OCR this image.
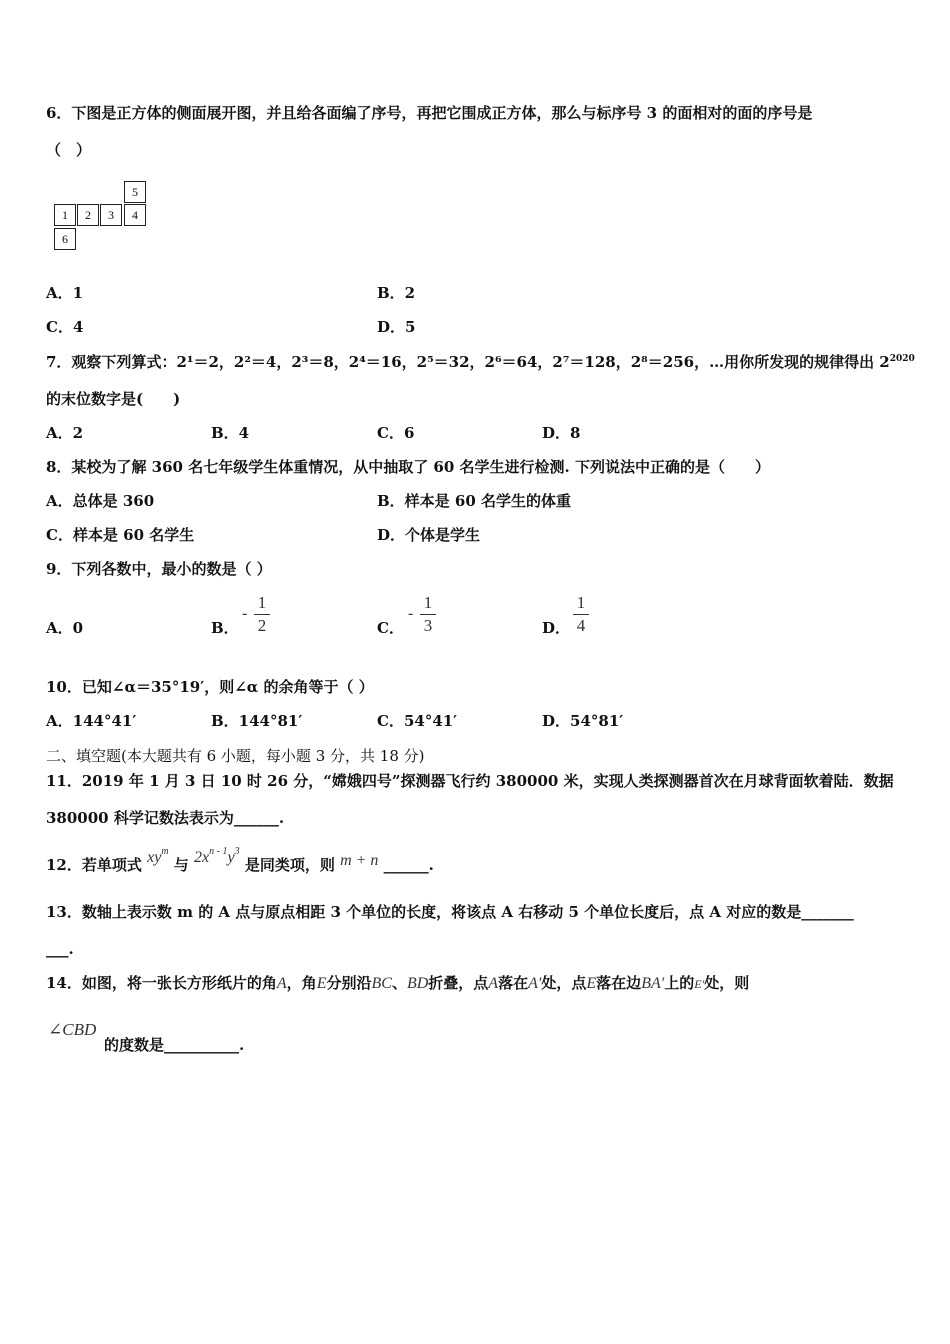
6．下图是正方体的侧面展开图，并且给各面编了序号，再把它围成正方体，那么与标序号 3 的面相对的面的序号是
（　）
1	2	3	4
5
6
A．1	B．2
C．4	D．5
7．观察下列算式：2¹＝2，2²＝4，2³＝8，2⁴＝16，2⁵＝32，2⁶＝64，2⁷＝128，2⁸＝256，…用你所发现的规律得出 $2^{2020}$
的末位数字是(　　)
A．2	B．4	C．6	D．8
8．某校为了解 360 名七年级学生体重情况，从中抽取了 60 名学生进行检测. 下列说法中正确的是（　　）
A．总体是 360	B．样本是 60 名学生的体重
C．样本是 60 名学生	D．个体是学生
9．下列各数中，最小的数是（ ）
A．0	B．
-
1
2	C．
-
1
3	D．
1
4
10．已知∠α＝35°19′，则∠α 的余角等于（ ）
A．144°41′	B．144°81′	C．54°41′	D．54°81′
二、填空题(本大题共有 6 小题，每小题 3 分，共 18 分)
11．2019 年 1 月 3 日 10 时 26 分，“嫦娥四号”探测器飞行约 380000 米，实现人类探测器首次在月球背面软着陆．数据
380000 科学记数法表示为______.
12．若单项式 $xy^m$ 与 $2x^{n - 1}y^3$ 是同类项，则 m + n ______.
13．数轴上表示数 m 的 A 点与原点相距 3 个单位的长度，将该点 A 右移动 5 个单位长度后，点 A 对应的数是_______
___.
14．如图，将一张长方形纸片的角A，角E分别沿BC、BD折叠，点A落在A′处，点E落在边BA′上的E′处，则
∠CBD
的度数是__________.
